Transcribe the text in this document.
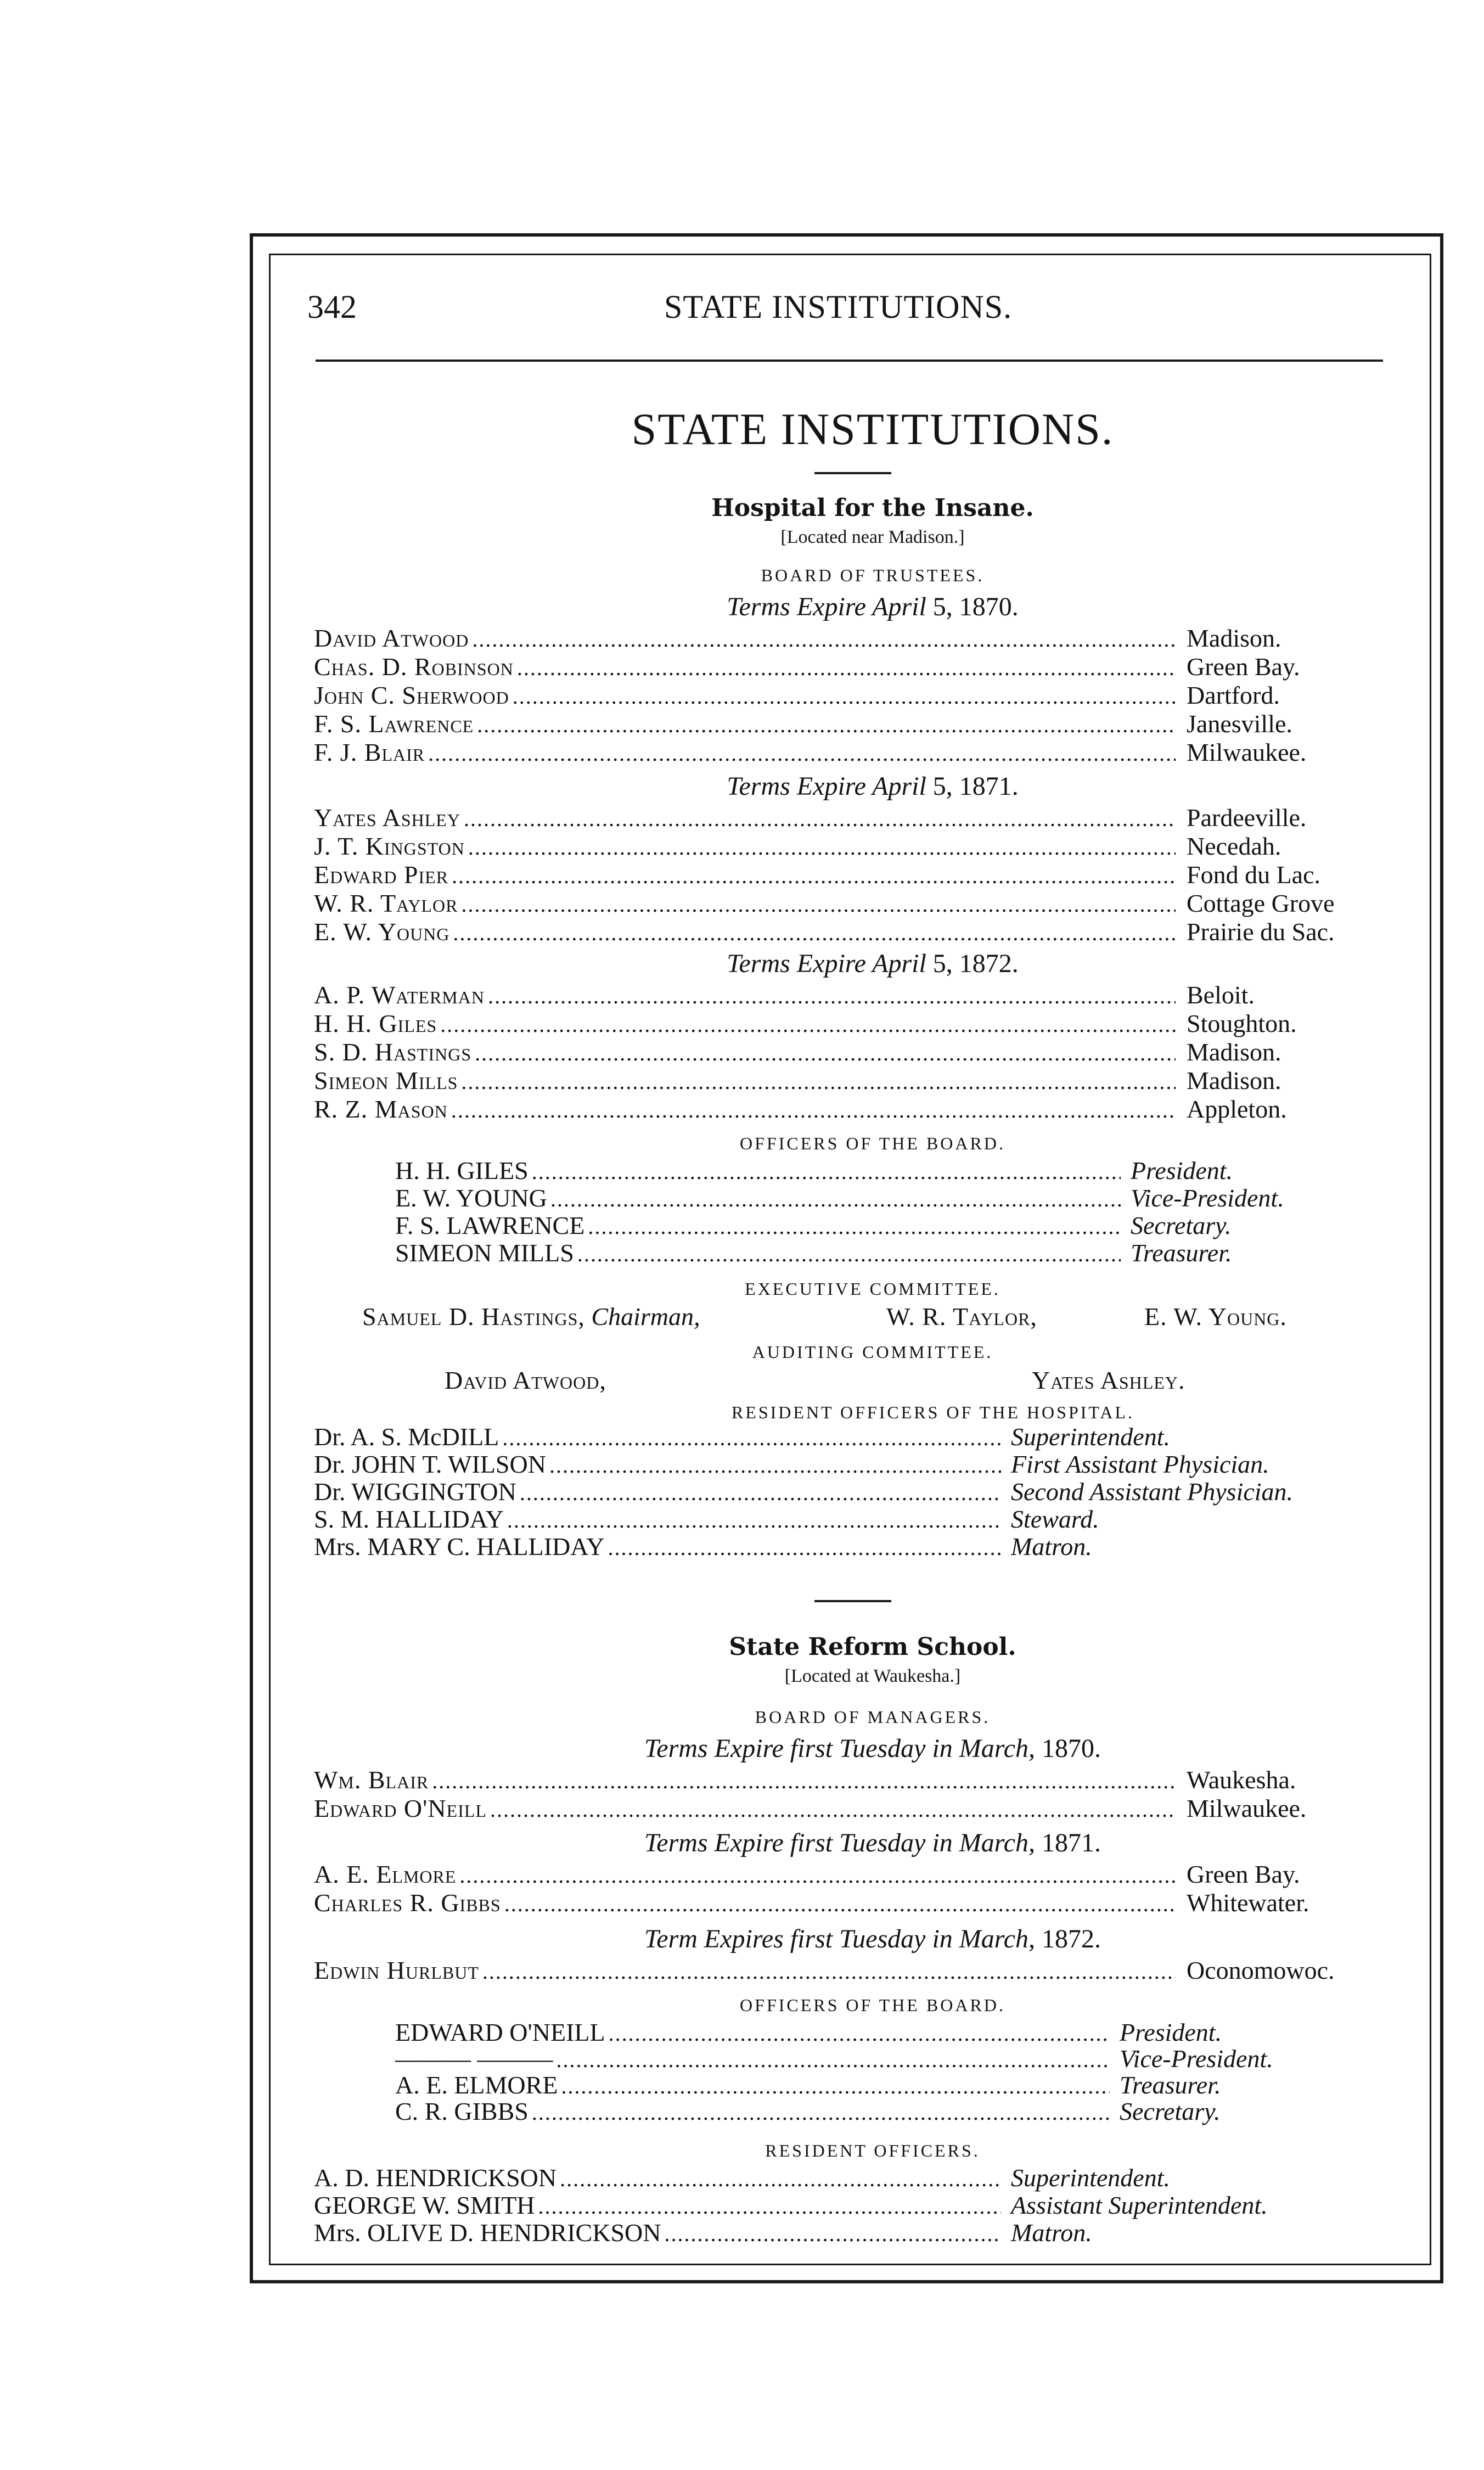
342	STATE INSTITUTIONS.
STATE INSTITUTIONS.
Hospital for the Insane.
[Located near Madison.]
BOARD OF TRUSTEES.
Terms Expire April 5, 1870.
David Atwood . . .	Madison.
Chas. D. Robinson . . .	Green Bay.
John C. Sherwood . . .	Dartford.
F. S. Lawrence . . .	Janesville.
F. J. Blair . . .	Milwaukee.
Terms Expire April 5, 1871.
Yates Ashley . . .	Pardeeville.
J. T. Kingston . . .	Necedah.
Edward Pier . . .	Fond du Lac.
W. R. Taylor . . .	Cottage Grove
E. W. Young . . .	Prairie du Sac.
Terms Expire April 5, 1872.
A. P. Waterman . . .	Beloit.
H. H. Giles . . .	Stoughton.
S. D. Hastings . . .	Madison.
Simeon Mills . . .	Madison.
R. Z. Mason . . .	Appleton.
OFFICERS OF THE BOARD.
H. H. GILES . . .	President.
E. W. YOUNG . . .	Vice-President.
F. S. LAWRENCE . . .	Secretary.
SIMEON MILLS . . .	Treasurer.
EXECUTIVE COMMITTEE.
Samuel D. Hastings, Chairman,	W. R. Taylor,	E. W. Young.
AUDITING COMMITTEE.
David Atwood,	Yates Ashley.
RESIDENT OFFICERS OF THE HOSPITAL.
Dr. A. S. McDILL . . .	Superintendent.
Dr. JOHN T. WILSON . . .	First Assistant Physician.
Dr. WIGGINGTON . . .	Second Assistant Physician.
S. M. HALLIDAY . . .	Steward.
Mrs. MARY C. HALLIDAY . . .	Matron.
State Reform School.
[Located at Waukesha.]
BOARD OF MANAGERS.
Terms Expire first Tuesday in March, 1870.
Wm. Blair . . .	Waukesha.
Edward O'Neill . . .	Milwaukee.
Terms Expire first Tuesday in March, 1871.
A. E. Elmore . . .	Green Bay.
Charles R. Gibbs . . .	Whitewater.
Term Expires first Tuesday in March, 1872.
Edwin Hurlbut . . .	Oconomowoc.
OFFICERS OF THE BOARD.
EDWARD O'NEILL . . .	President.
——— ——— . . .	Vice-President.
A. E. ELMORE . . .	Treasurer.
C. R. GIBBS . . .	Secretary.
RESIDENT OFFICERS.
A. D. HENDRICKSON . . .	Superintendent.
GEORGE W. SMITH . . .	Assistant Superintendent.
Mrs. OLIVE D. HENDRICKSON . . .	Matron.
